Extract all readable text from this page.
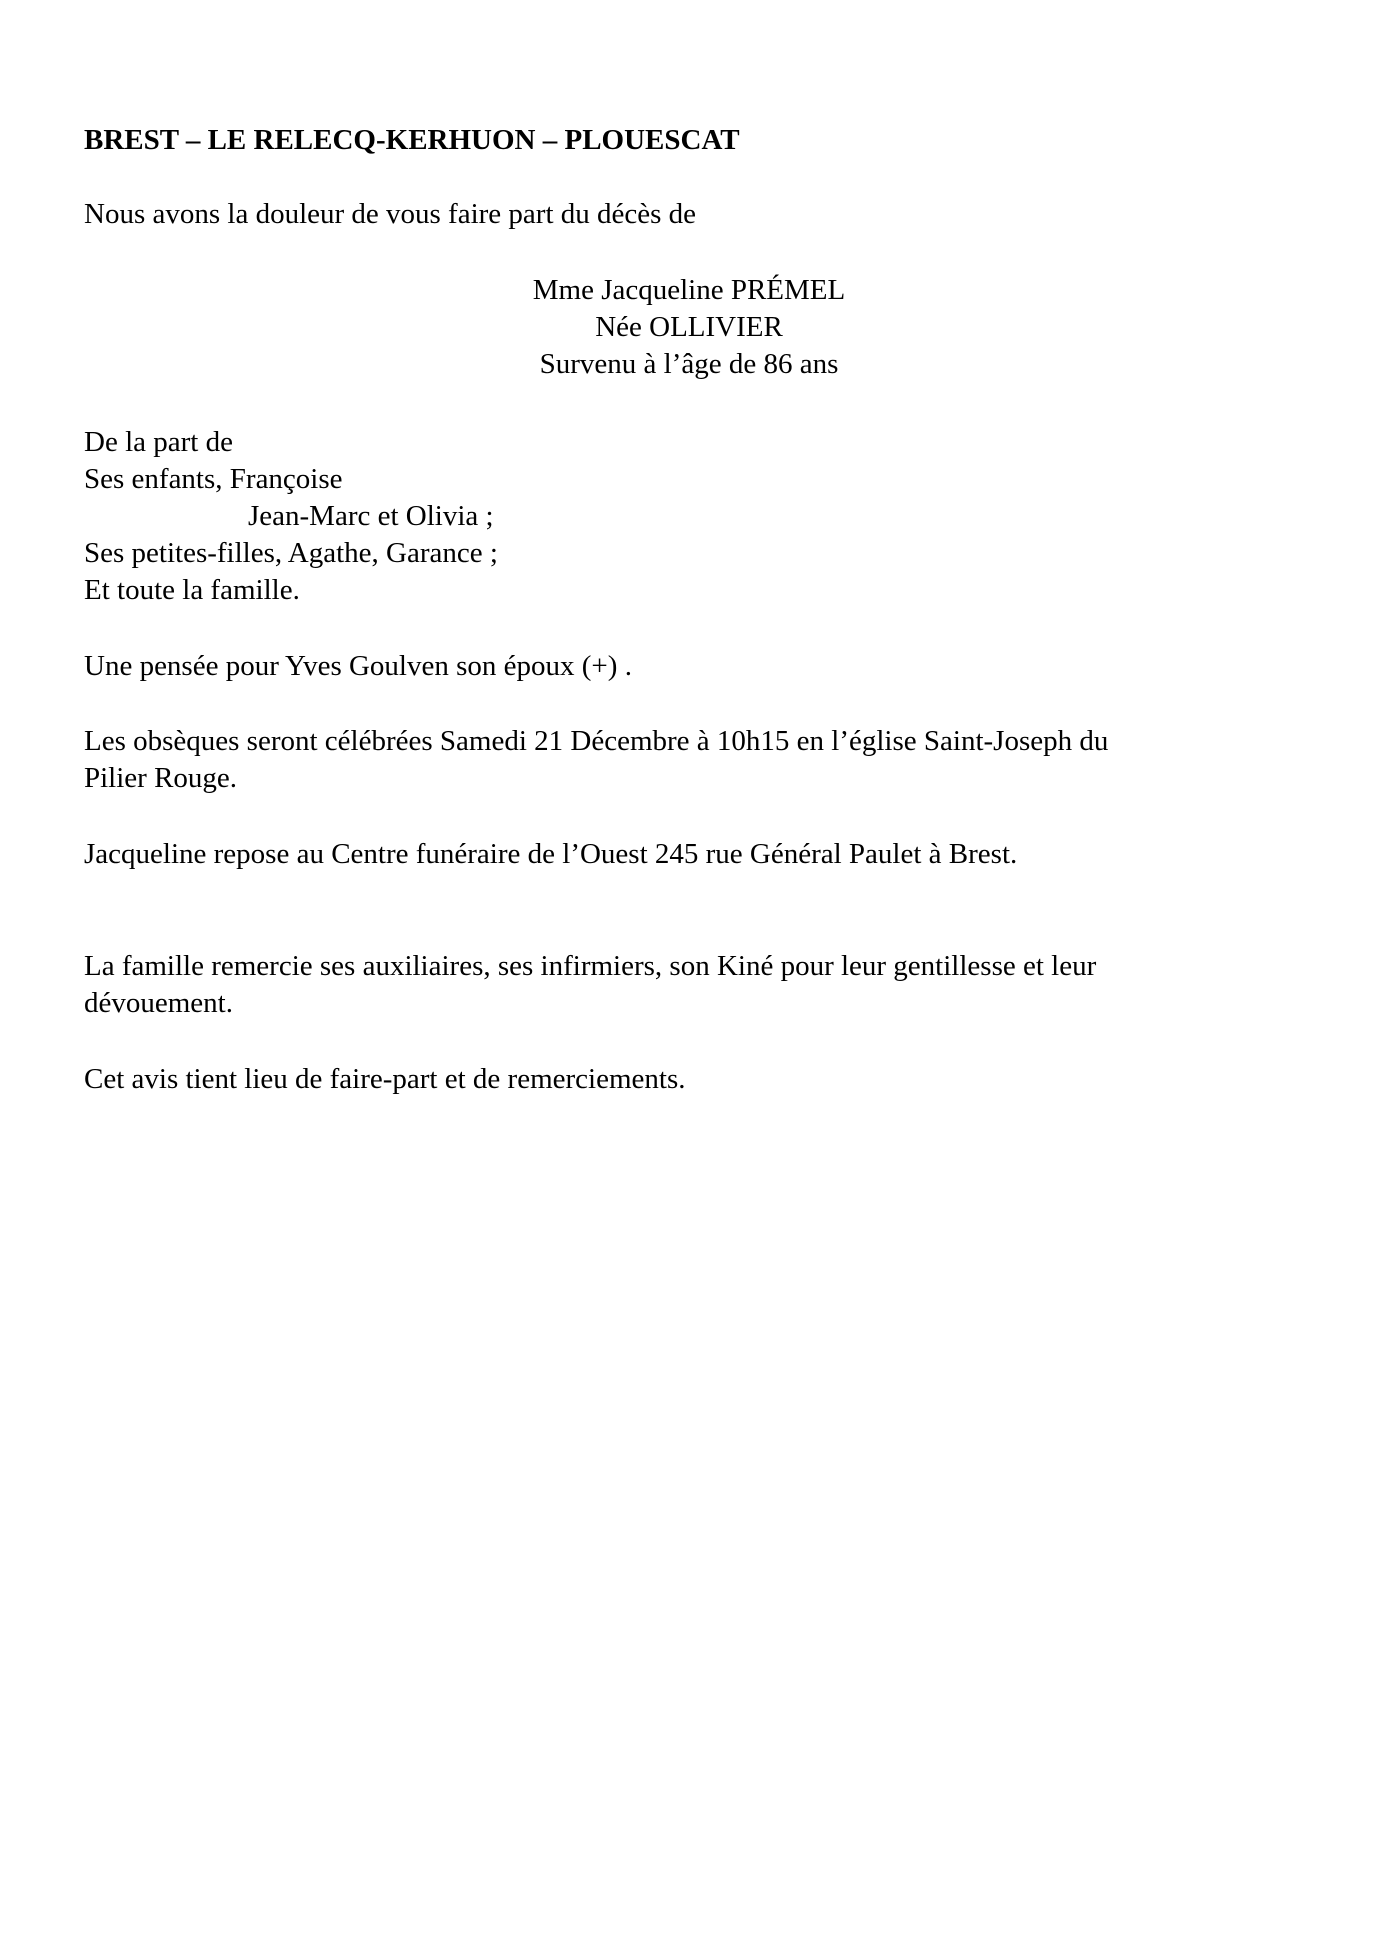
BREST – LE RELECQ-KERHUON – PLOUESCAT
Nous avons la douleur de vous faire part du décès de
Mme Jacqueline PRÉMEL
Née OLLIVIER
Survenu à l’âge de 86 ans
De la part de
Ses enfants, Françoise
Jean-Marc et Olivia ;
Ses petites-filles, Agathe, Garance ;
Et toute la famille.
Une pensée pour Yves Goulven son époux (+) .
Les obsèques seront célébrées Samedi 21 Décembre à 10h15 en l’église Saint-Joseph du
Pilier Rouge.
Jacqueline repose au Centre funéraire de l’Ouest 245 rue Général Paulet à Brest.
La famille remercie ses auxiliaires, ses infirmiers, son Kiné pour leur gentillesse et leur
dévouement.
Cet avis tient lieu de faire-part et de remerciements.
